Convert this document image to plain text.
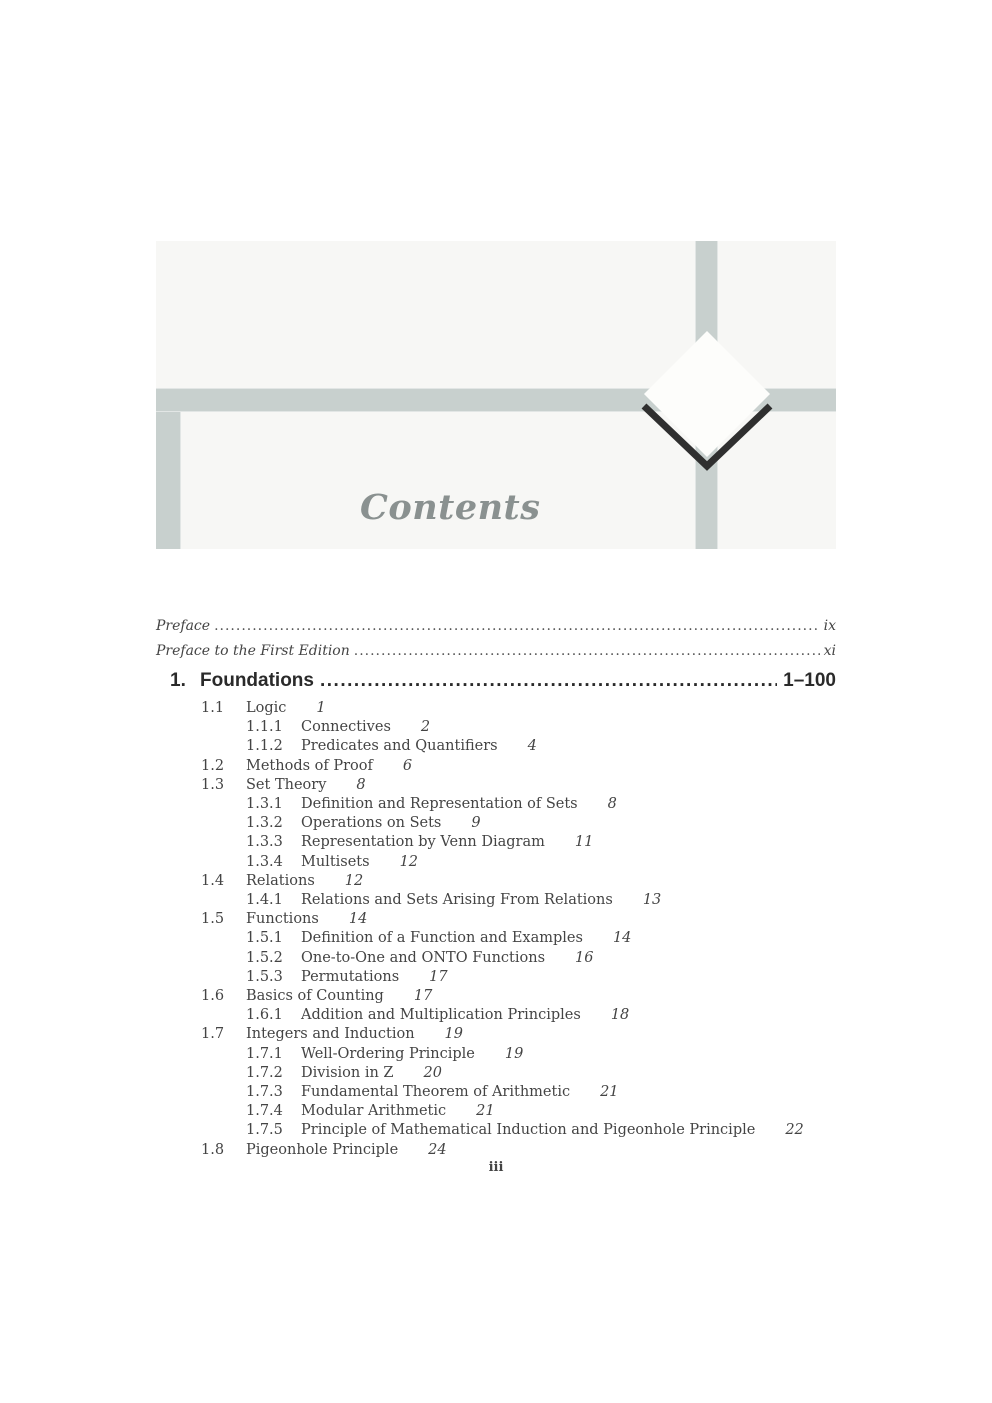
Contents
Preface .....	ix
Preface to the First Edition .....	xi
1. Foundations .....	1–100
1.1 Logic 1
1.1.1 Connectives 2
1.1.2 Predicates and Quantifiers 4
1.2 Methods of Proof 6
1.3 Set Theory 8
1.3.1 Definition and Representation of Sets 8
1.3.2 Operations on Sets 9
1.3.3 Representation by Venn Diagram 11
1.3.4 Multisets 12
1.4 Relations 12
1.4.1 Relations and Sets Arising From Relations 13
1.5 Functions 14
1.5.1 Definition of a Function and Examples 14
1.5.2 One-to-One and ONTO Functions 16
1.5.3 Permutations 17
1.6 Basics of Counting 17
1.6.1 Addition and Multiplication Principles 18
1.7 Integers and Induction 19
1.7.1 Well-Ordering Principle 19
1.7.2 Division in Z 20
1.7.3 Fundamental Theorem of Arithmetic 21
1.7.4 Modular Arithmetic 21
1.7.5 Principle of Mathematical Induction and Pigeonhole Principle 22
1.8 Pigeonhole Principle 24
iii
